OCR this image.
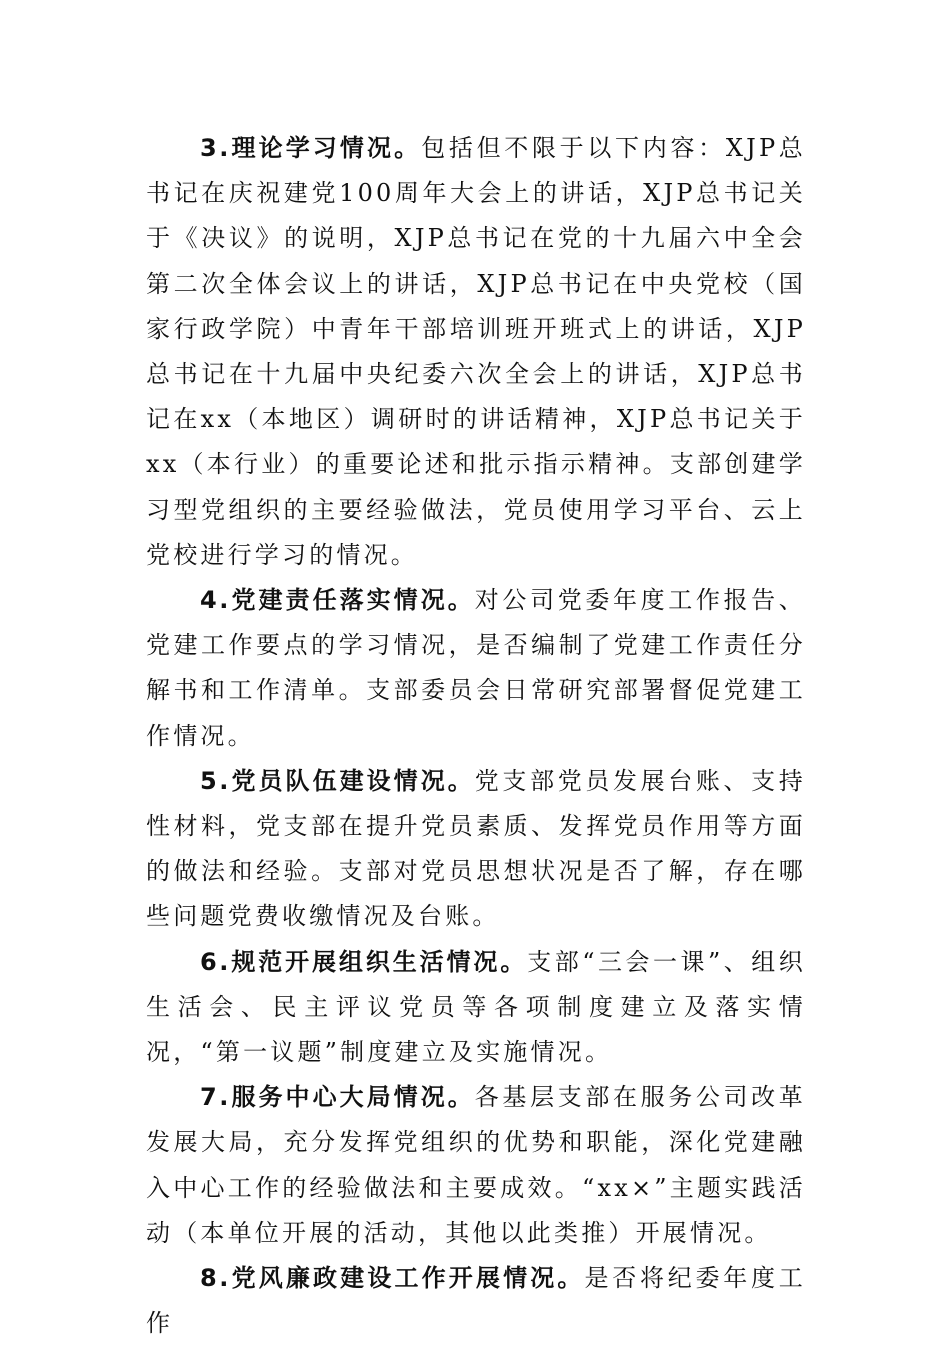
3.理论学习情况。包括但不限于以下内容：XJP总书记在庆祝建党100周年大会上的讲话，XJP总书记关于《决议》的说明，XJP总书记在党的十九届六中全会第二次全体会议上的讲话，XJP总书记在中央党校（国家行政学院）中青年干部培训班开班式上的讲话，XJP总书记在十九届中央纪委六次全会上的讲话，XJP总书记在xx（本地区）调研时的讲话精神，XJP总书记关于xx（本行业）的重要论述和批示指示精神。支部创建学习型党组织的主要经验做法，党员使用学习平台、云上党校进行学习的情况。

4.党建责任落实情况。对公司党委年度工作报告、党建工作要点的学习情况，是否编制了党建工作责任分解书和工作清单。支部委员会日常研究部署督促党建工作情况。

5.党员队伍建设情况。党支部党员发展台账、支持性材料，党支部在提升党员素质、发挥党员作用等方面的做法和经验。支部对党员思想状况是否了解，存在哪些问题党费收缴情况及台账。

6.规范开展组织生活情况。支部“三会一课”、组织生活会、民主评议党员等各项制度建立及落实情况，“第一议题”制度建立及实施情况。

7.服务中心大局情况。各基层支部在服务公司改革发展大局，充分发挥党组织的优势和职能，深化党建融入中心工作的经验做法和主要成效。“xx×”主题实践活动（本单位开展的活动，其他以此类推）开展情况。

8.党风廉政建设工作开展情况。是否将纪委年度工作
